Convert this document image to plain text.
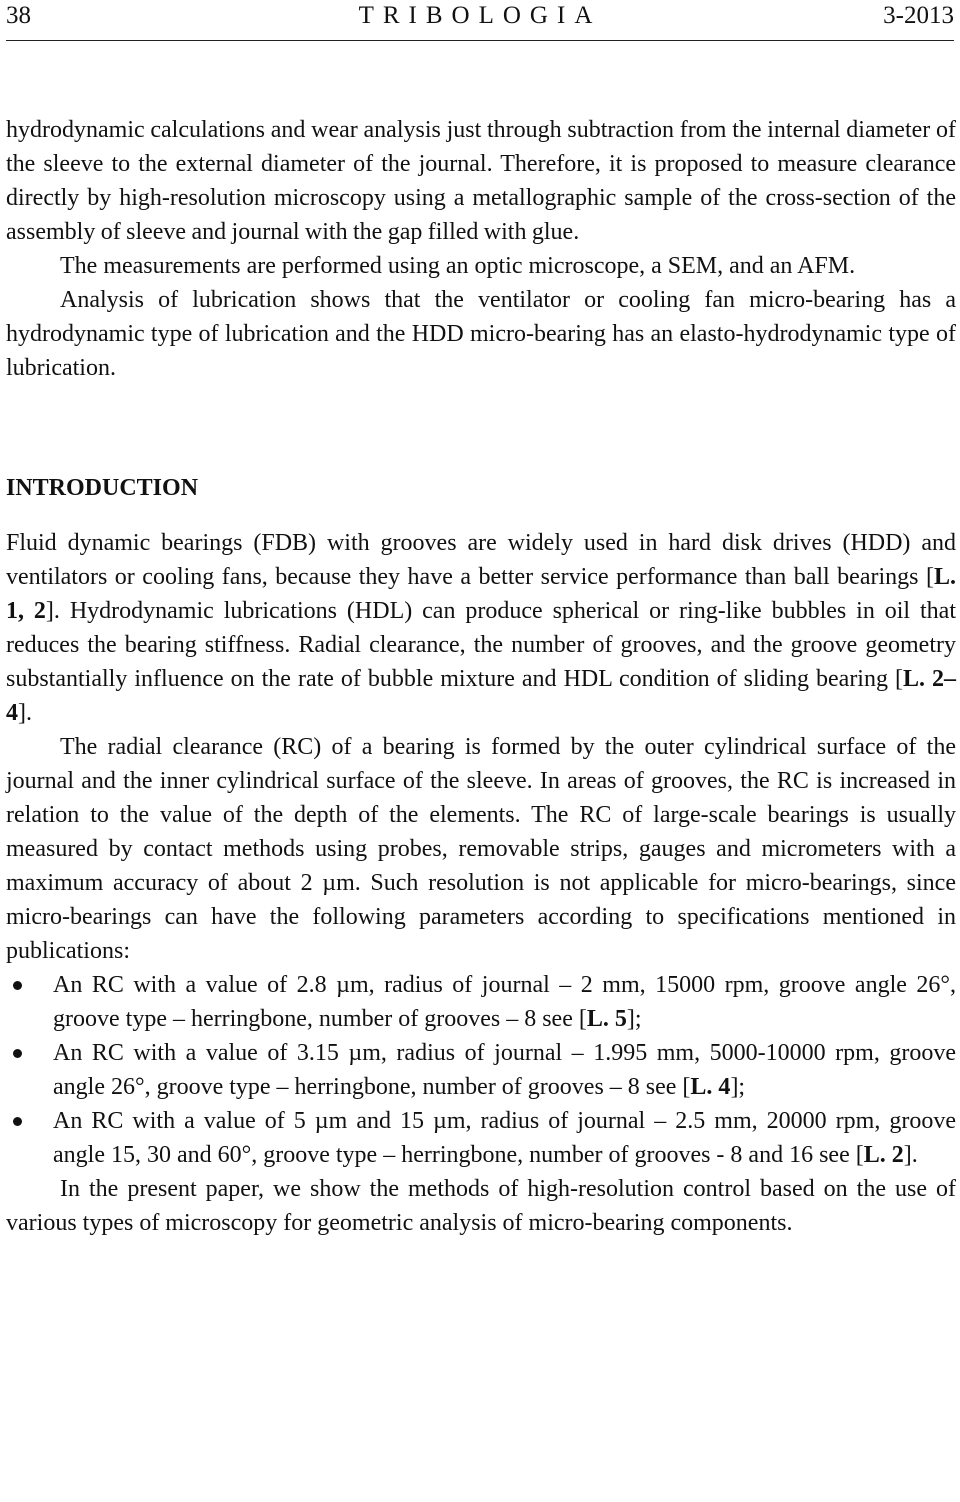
38	TRIBOLOGIA	3-2013

hydrodynamic calculations and wear analysis just through subtraction from the internal diameter of the sleeve to the external diameter of the journal. Therefore, it is proposed to measure clearance directly by high-resolution microscopy using a metallographic sample of the cross-section of the assembly of sleeve and journal with the gap filled with glue.

The measurements are performed using an optic microscope, a SEM, and an AFM.

Analysis of lubrication shows that the ventilator or cooling fan micro-bearing has a hydrodynamic type of lubrication and the HDD micro-bearing has an elasto-hydrodynamic type of lubrication.

INTRODUCTION

Fluid dynamic bearings (FDB) with grooves are widely used in hard disk drives (HDD) and ventilators or cooling fans, because they have a better service performance than ball bearings [L. 1, 2]. Hydrodynamic lubrications (HDL) can produce spherical or ring-like bubbles in oil that reduces the bearing stiffness. Radial clearance, the number of grooves, and the groove geometry substantially influence on the rate of bubble mixture and HDL condition of sliding bearing [L. 2–4].

The radial clearance (RC) of a bearing is formed by the outer cylindrical surface of the journal and the inner cylindrical surface of the sleeve. In areas of grooves, the RC is increased in relation to the value of the depth of the elements. The RC of large-scale bearings is usually measured by contact methods using probes, removable strips, gauges and micrometers with a maximum accuracy of about 2 µm. Such resolution is not applicable for micro-bearings, since micro-bearings can have the following parameters according to specifications mentioned in publications:

An RC with a value of 2.8 µm, radius of journal – 2 mm, 15000 rpm, groove angle 26°, groove type – herringbone, number of grooves – 8 see [L. 5];
An RC with a value of 3.15 µm, radius of journal – 1.995 mm, 5000-10000 rpm, groove angle 26°, groove type – herringbone, number of grooves – 8 see [L. 4];
An RC with a value of 5 µm and 15 µm, radius of journal – 2.5 mm, 20000 rpm, groove angle 15, 30 and 60°, groove type – herringbone, number of grooves - 8 and 16 see [L. 2].

In the present paper, we show the methods of high-resolution control based on the use of various types of microscopy for geometric analysis of micro-bearing components.
